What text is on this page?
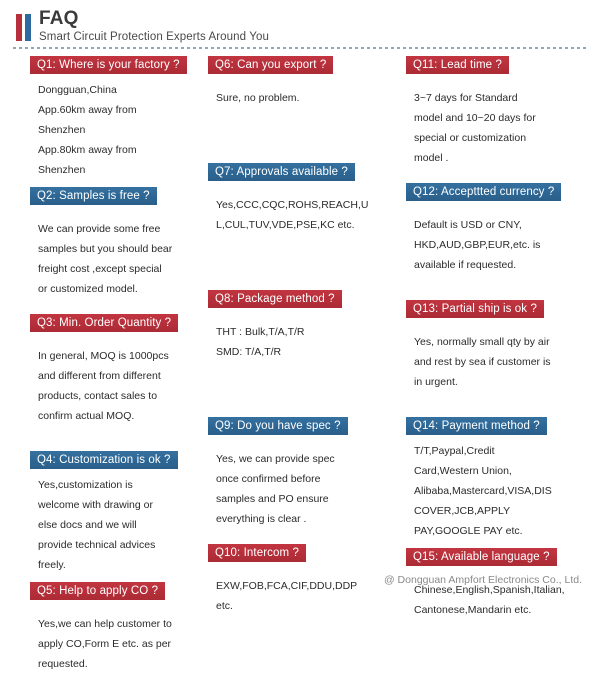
FAQ
Smart Circuit Protection Experts Around You
Q1: Where is your factory ?
Dongguan,China
App.60km away from
Shenzhen
App.80km away from
Shenzhen
Q2: Samples is free ?
We can provide some free
samples but you should bear
freight cost ,except special
or customized model.
Q3: Min. Order Quantity ?
In general, MOQ is 1000pcs
and different from different
products, contact sales to
confirm actual MOQ.
Q4: Customization is ok ?
Yes,customization is
welcome with drawing or
else docs and we will
provide technical advices
freely.
Q5: Help to apply CO ?
Yes,we can help customer to
apply CO,Form E etc. as per
requested.
Q6: Can you export ?
Sure, no problem.
Q7: Approvals available ?
Yes,CCC,CQC,ROHS,REACH,U
L,CUL,TUV,VDE,PSE,KC etc.
Q8: Package method ?
THT : Bulk,T/A,T/R
SMD: T/A,T/R
Q9: Do you have spec ?
Yes, we can provide spec
once confirmed before
samples and PO ensure
everything is clear .
Q10: Intercom ?
EXW,FOB,FCA,CIF,DDU,DDP
etc.
Q11: Lead time ?
3~7 days for Standard
model and 10~20 days for
special or customization
model .
Q12: Accepttted currency ?
Default is USD or CNY,
HKD,AUD,GBP,EUR,etc. is
available if requested.
Q13: Partial ship is ok ?
Yes, normally small qty by air
and rest by sea if customer is
in urgent.
Q14: Payment method ?
T/T,Paypal,Credit
Card,Western Union,
Alibaba,Mastercard,VISA,DIS
COVER,JCB,APPLY
PAY,GOOGLE PAY etc.
Q15: Available language ?
Chinese,English,Spanish,Italian,
Cantonese,Mandarin etc.
@ Dongguan Ampfort Electronics Co., Ltd.
